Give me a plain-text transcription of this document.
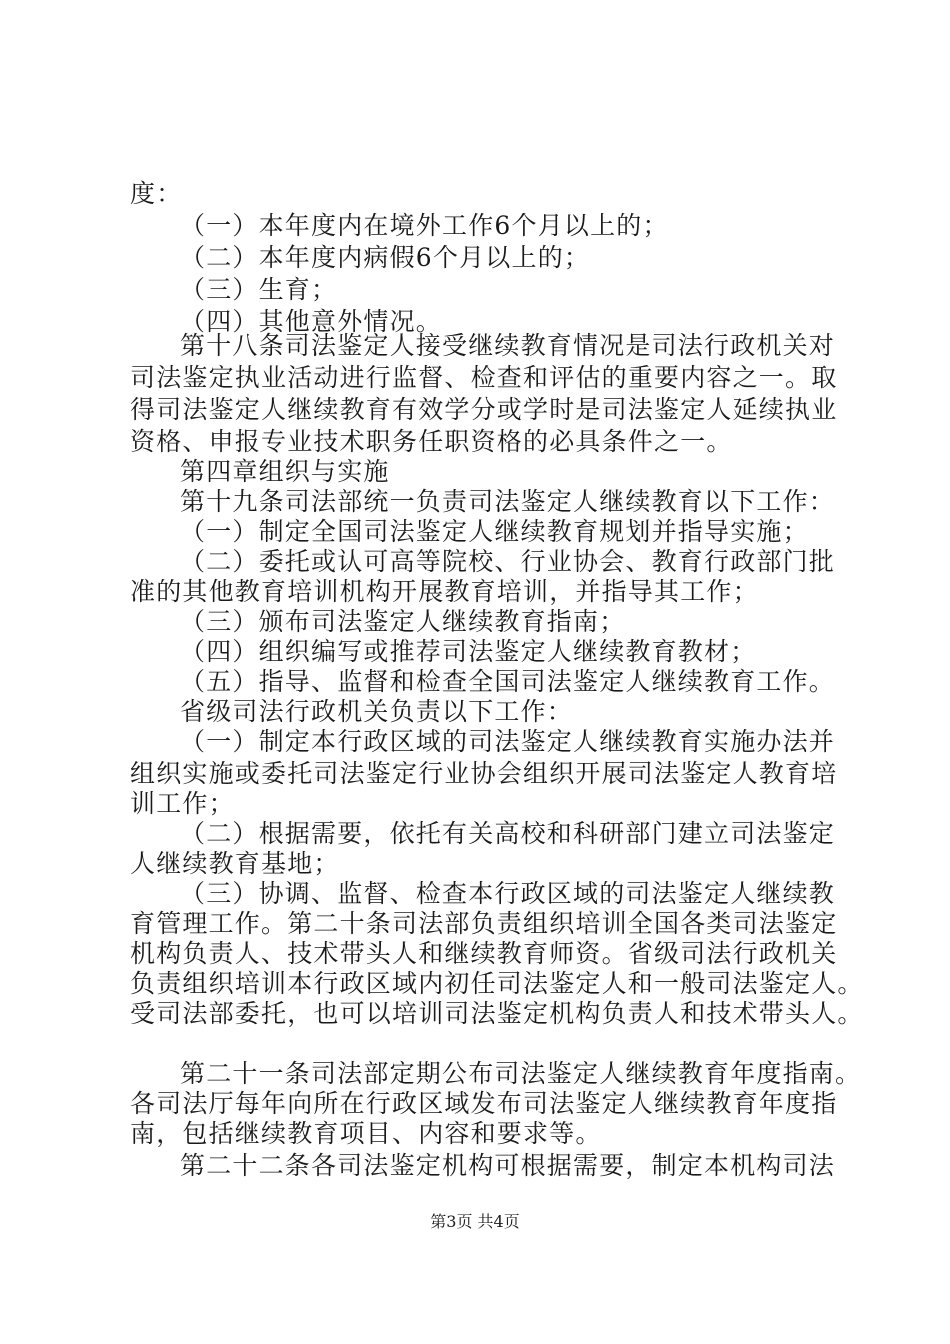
度：

（一）本年度内在境外工作6个月以上的；

（二）本年度内病假6个月以上的；

（三）生育；

（四）其他意外情况。

第十八条司法鉴定人接受继续教育情况是司法行政机关对

司法鉴定执业活动进行监督、检查和评估的重要内容之一。取

得司法鉴定人继续教育有效学分或学时是司法鉴定人延续执业

资格、申报专业技术职务任职资格的必具条件之一。

第四章组织与实施

第十九条司法部统一负责司法鉴定人继续教育以下工作：

（一）制定全国司法鉴定人继续教育规划并指导实施；

（二）委托或认可高等院校、行业协会、教育行政部门批

准的其他教育培训机构开展教育培训，并指导其工作；

（三）颁布司法鉴定人继续教育指南；

（四）组织编写或推荐司法鉴定人继续教育教材；

（五）指导、监督和检查全国司法鉴定人继续教育工作。

省级司法行政机关负责以下工作：

（一）制定本行政区域的司法鉴定人继续教育实施办法并

组织实施或委托司法鉴定行业协会组织开展司法鉴定人教育培

训工作；

（二）根据需要，依托有关高校和科研部门建立司法鉴定

人继续教育基地；

（三）协调、监督、检查本行政区域的司法鉴定人继续教

育管理工作。第二十条司法部负责组织培训全国各类司法鉴定

机构负责人、技术带头人和继续教育师资。省级司法行政机关

负责组织培训本行政区域内初任司法鉴定人和一般司法鉴定人。

受司法部委托，也可以培训司法鉴定机构负责人和技术带头人。

第二十一条司法部定期公布司法鉴定人继续教育年度指南。

各司法厅每年向所在行政区域发布司法鉴定人继续教育年度指

南，包括继续教育项目、内容和要求等。

第二十二条各司法鉴定机构可根据需要，制定本机构司法

第3页 共4页
